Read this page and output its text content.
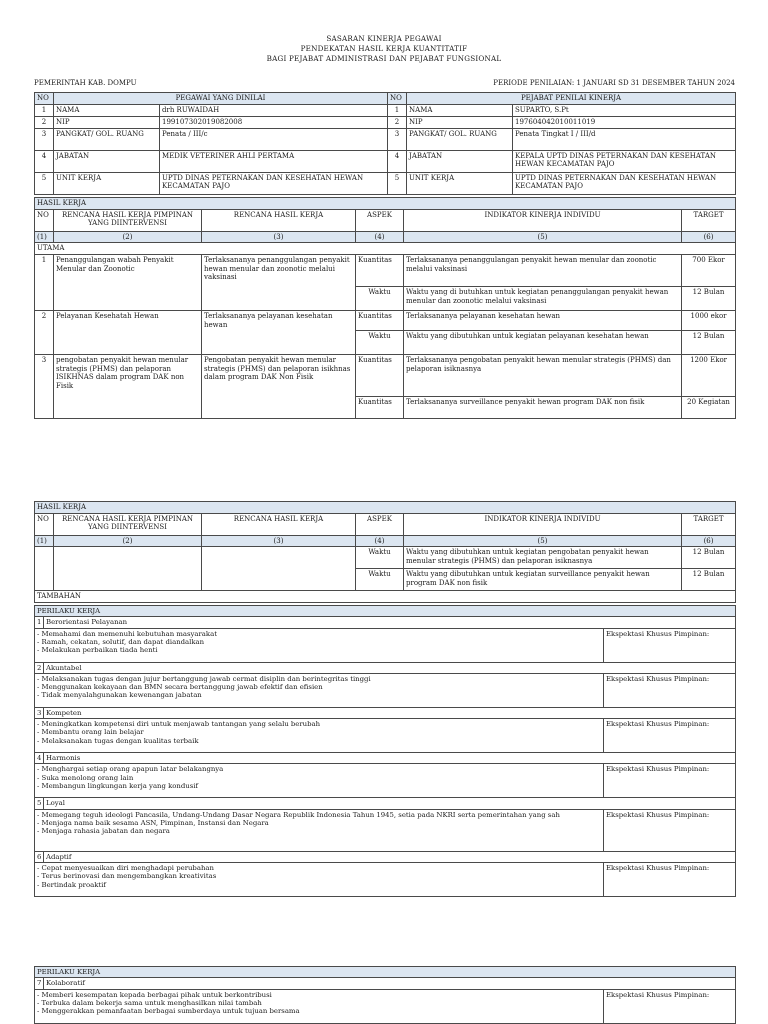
SASARAN KINERJA PEGAWAI
PENDEKATAN HASIL KERJA KUANTITATIF
BAGI PEJABAT ADMINISTRASI DAN PEJABAT FUNGSIONAL
PEMERINTAH KAB. DOMPU	PERIODE PENILAIAN: 1 JANUARI SD 31 DESEMBER TAHUN 2024
NO	PEGAWAI YANG DINILAI		NO	PEJABAT PENILAI KINERJA	
1	NAMA	drh RUWAIDAH	1	NAMA	SUPARTO, S.Pt
2	NIP	199107302019082008	2	NIP	197604042010011019
3	PANGKAT/ GOL. RUANG	Penata / III/c	3	PANGKAT/ GOL. RUANG	Penata Tingkat I / III/d
4	JABATAN	MEDIK VETERINER AHLI PERTAMA	4	JABATAN	KEPALA UPTD DINAS PETERNAKAN DAN KESEHATAN HEWAN KECAMATAN PAJO
5	UNIT KERJA	UPTD DINAS PETERNAKAN DAN KESEHATAN HEWAN KECAMATAN PAJO	5	UNIT KERJA	UPTD DINAS PETERNAKAN DAN KESEHATAN HEWAN KECAMATAN PAJO
HASIL KERJA					
NO	RENCANA HASIL KERJA PIMPINAN YANG DIINTERVENSI	RENCANA HASIL KERJA	ASPEK	INDIKATOR KINERJA INDIVIDU	TARGET
(1)	(2)	(3)	(4)	(5)	(6)
UTAMA					
1	Penanggulangan wabah Penyakit Menular dan Zoonotic	Terlaksananya penanggulangan penyakit hewan menular dan zoonotic melalui vaksinasi	Kuantitas	Terlaksananya penanggulangan penyakit hewan menular dan zoonotic melalui vaksinasi	700 Ekor
			Waktu	Waktu yang di butuhkan untuk kegiatan penanggulangan penyakit hewan menular dan zoonotic melalui vaksinasi	12 Bulan
2	Pelayanan Kesehatah Hewan	Terlaksananya pelayanan kesehatan hewan	Kuantitas	Terlaksananya pelayanan kesehatan hewan	1000 ekor
			Waktu	Waktu yang dibutuhkan untuk kegiatan pelayanan kesehatan hewan	12 Bulan
3	pengobatan penyakit hewan menular strategis (PHMS) dan pelaporan ISIKHNAS dalam program DAK non Fisik	Pengobatan penyakit hewan menular strategis (PHMS) dan pelaporan isikhnas dalam program DAK Non Fisik	Kuantitas	Terlaksananya pengobatan penyakit hewan menular strategis (PHMS) dan pelaporan isiknasnya	1200 Ekor
			Kuantitas	Terlaksananya surveillance penyakit hewan program DAK non fisik	20 Kegiatan
HASIL KERJA					
NO	RENCANA HASIL KERJA PIMPINAN YANG DIINTERVENSI	RENCANA HASIL KERJA	ASPEK	INDIKATOR KINERJA INDIVIDU	TARGET
(1)	(2)	(3)	(4)	(5)	(6)
			Waktu	Waktu yang dibutuhkan untuk kegiatan pengobatan penyakit hewan menular strategis (PHMS) dan pelaporan isiknasnya	12 Bulan
			Waktu	Waktu yang dibutuhkan untuk kegiatan surveillance penyakit hewan program DAK non fisik	12 Bulan
TAMBAHAN					
PERILAKU KERJA		
1	Berorientasi Pelayanan	

- Memahami dan memenuhi kebutuhan masyarakat
- Ramah, cekatan, solutif, dan dapat diandalkan
- Melakukan perbaikan tiada henti		Ekspektasi Khusus Pimpinan:
2	Akuntabel	

- Melaksanakan tugas dengan jujur bertanggung jawab cermat disiplin dan berintegritas tinggi
- Menggunakan kekayaan dan BMN secara bertanggung jawab efektif dan efisien
- Tidak menyalahgunakan kewenangan jabatan		Ekspektasi Khusus Pimpinan:
3	Kompeten	

- Meningkatkan kompetensi diri untuk menjawab tantangan yang selalu berubah
- Membantu orang lain belajar
- Melaksanakan tugas dengan kualitas terbaik		Ekspektasi Khusus Pimpinan:
4	Harmonis	

- Menghargai setiap orang apapun latar belakangnya
- Suka menolong orang lain
- Membangun lingkungan kerja yang kondusif		Ekspektasi Khusus Pimpinan:
5	Loyal	

- Memegang teguh ideologi Pancasila, Undang-Undang Dasar Negara Republik Indonesia Tahun 1945, setia pada NKRI serta pemerintahan yang sah
- Menjaga nama baik sesama ASN, Pimpinan, Instansi dan Negara
- Menjaga rahasia jabatan dan negara		Ekspektasi Khusus Pimpinan:
6	Adaptif	

- Cepat menyesuaikan diri menghadapi perubahan
- Terus berinovasi dan mengembangkan kreativitas
- Bertindak proaktif		Ekspektasi Khusus Pimpinan:
PERILAKU KERJA		
7	Kolaboratif	

- Memberi kesempatan kepada berbagai pihak untuk berkontribusi
- Terbuka dalam bekerja sama untuk menghasilkan nilai tambah
- Menggerakkan pemanfaatan berbagai sumberdaya untuk tujuan bersama		Ekspektasi Khusus Pimpinan:
